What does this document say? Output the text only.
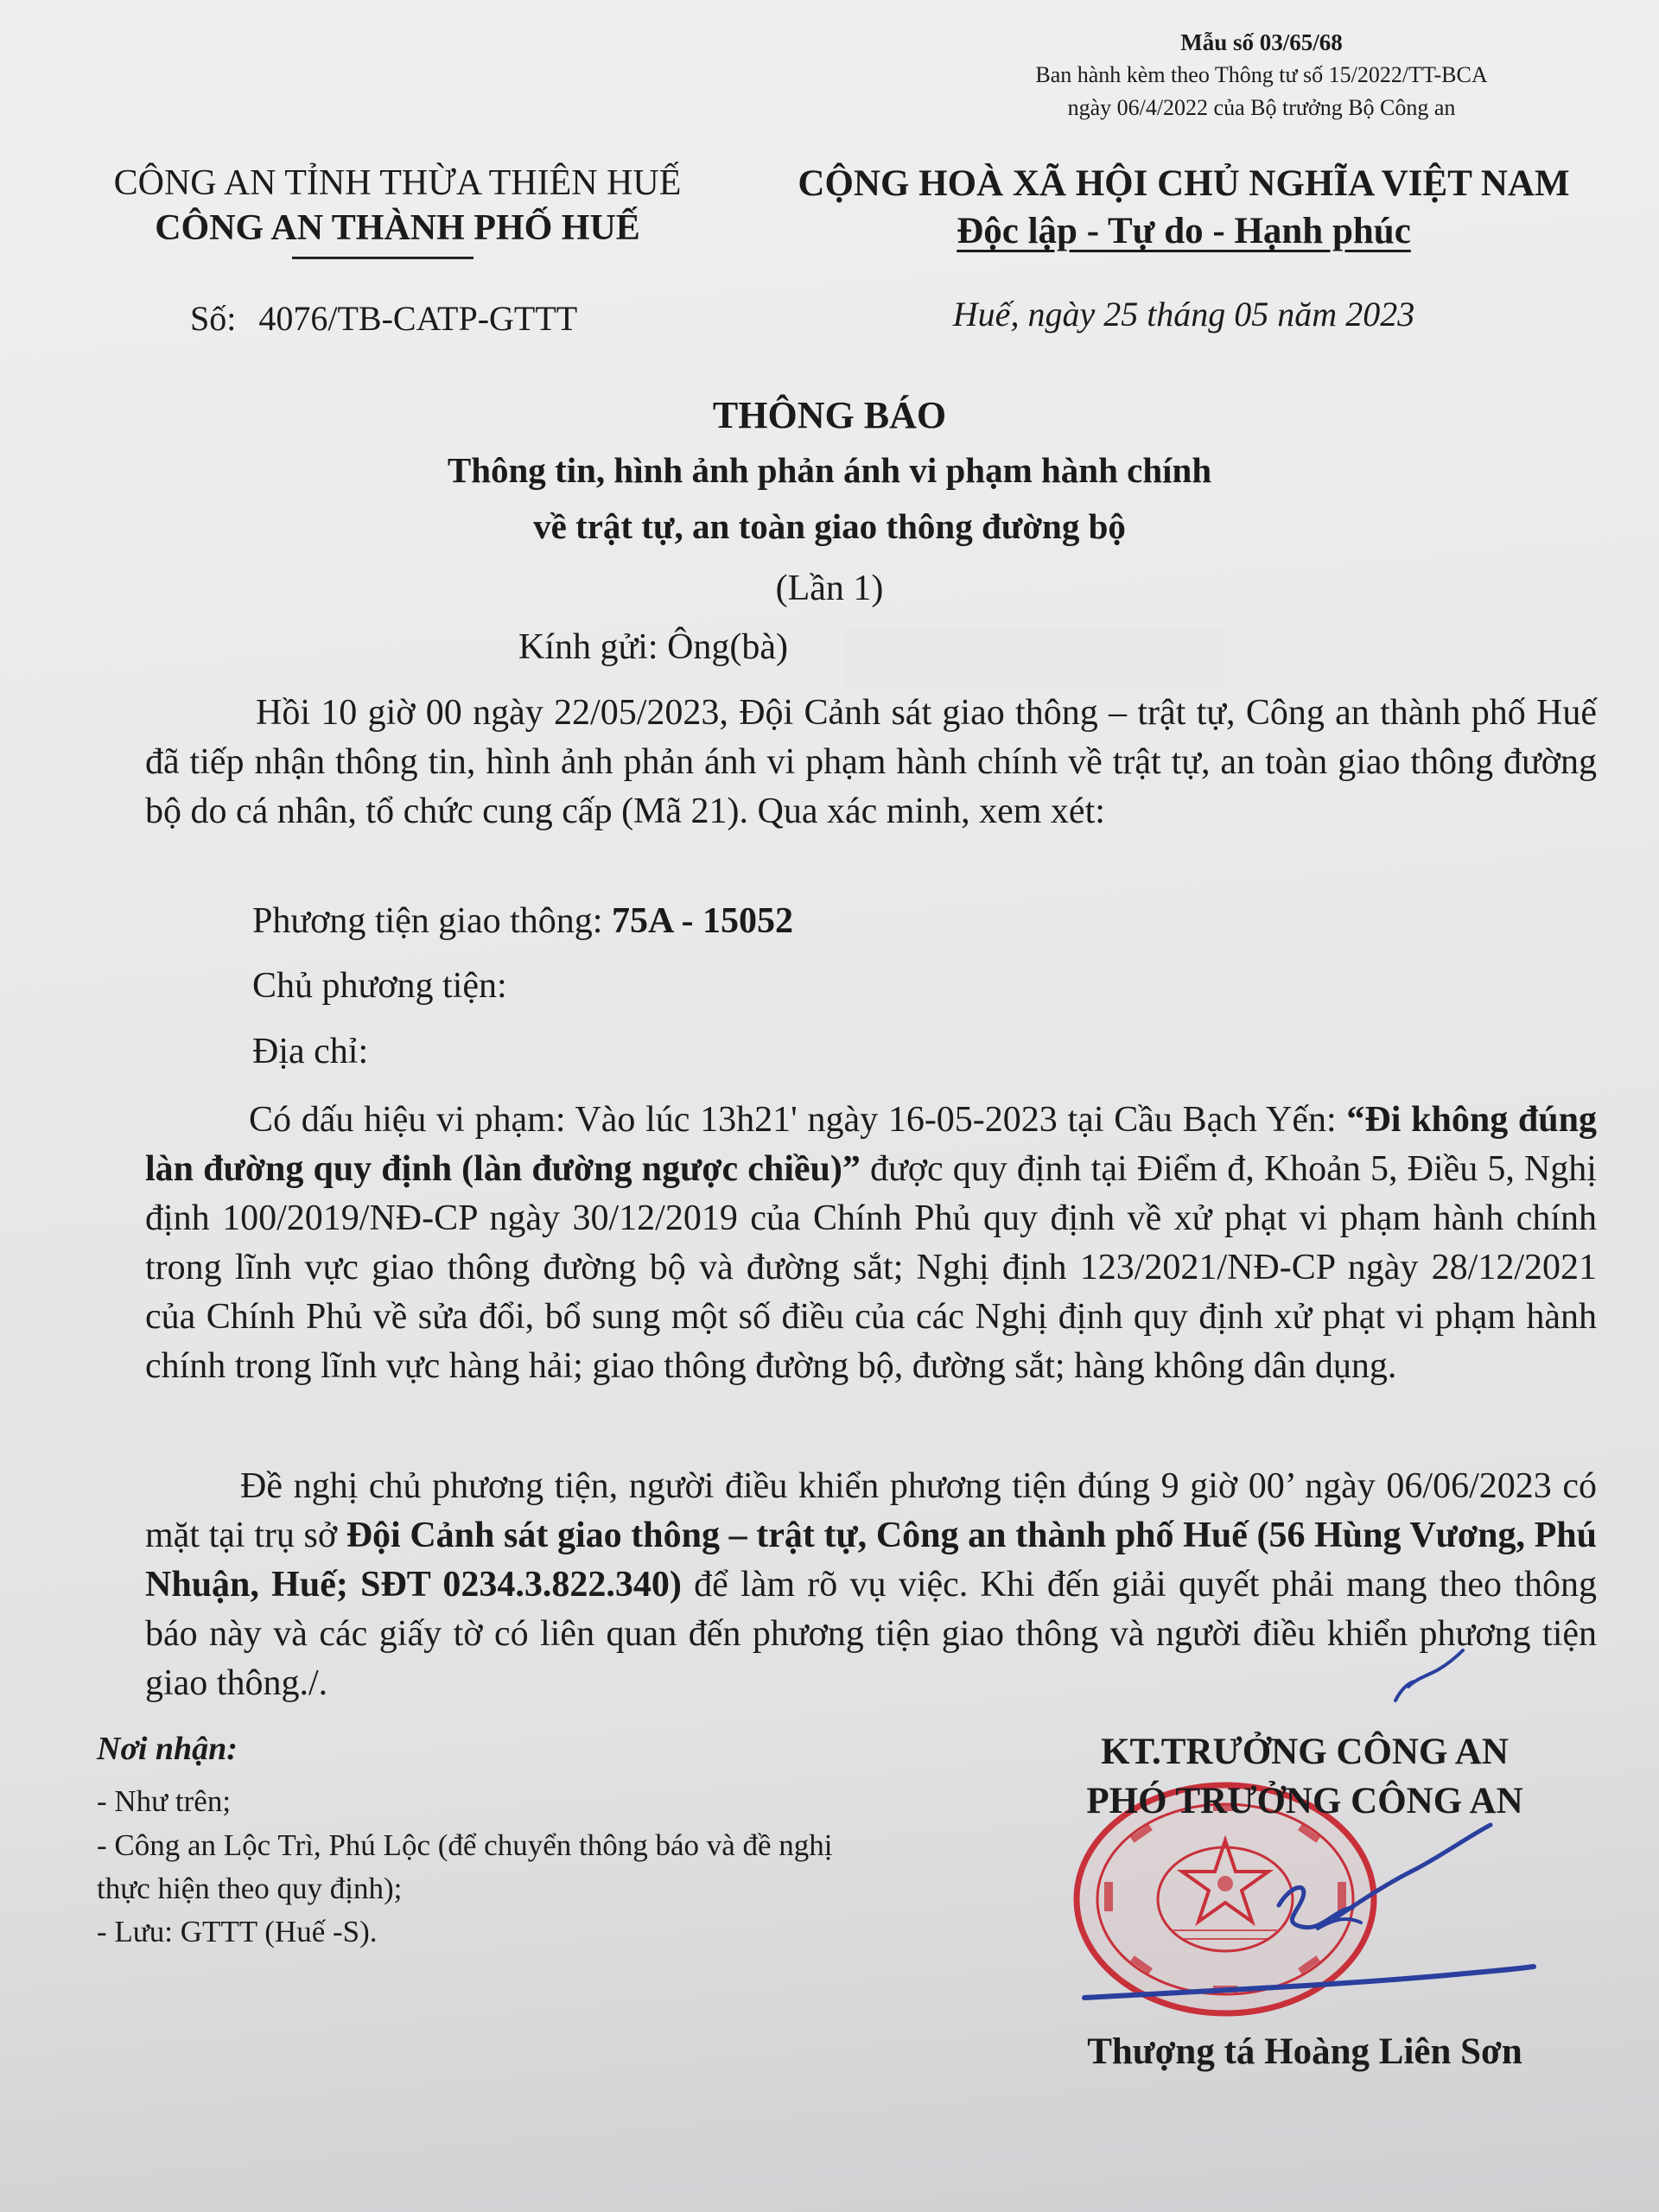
Mẫu số 03/65/68
Ban hành kèm theo Thông tư số 15/2022/TT-BCA
ngày 06/4/2022 của Bộ trưởng Bộ Công an
CÔNG AN TỈNH THỪA THIÊN HUẾ
CÔNG AN THÀNH PHỐ HUẾ
Số: 4076/TB-CATP-GTTT
CỘNG HOÀ XÃ HỘI CHỦ NGHĨA VIỆT NAM
Độc lập - Tự do - Hạnh phúc
Huế, ngày 25 tháng 05 năm 2023
THÔNG BÁO
Thông tin, hình ảnh phản ánh vi phạm hành chính
về trật tự, an toàn giao thông đường bộ
(Lần 1)
Kính gửi: Ông(bà)
Hồi 10 giờ 00 ngày 22/05/2023, Đội Cảnh sát giao thông – trật tự, Công an thành phố Huế đã tiếp nhận thông tin, hình ảnh phản ánh vi phạm hành chính về trật tự, an toàn giao thông đường bộ do cá nhân, tổ chức cung cấp (Mã 21). Qua xác minh, xem xét:
Phương tiện giao thông: 75A - 15052
Chủ phương tiện:
Địa chỉ:
Có dấu hiệu vi phạm: Vào lúc 13h21' ngày 16-05-2023 tại Cầu Bạch Yến: “Đi không đúng làn đường quy định (làn đường ngược chiều)” được quy định tại Điểm đ, Khoản 5, Điều 5, Nghị định 100/2019/NĐ-CP ngày 30/12/2019 của Chính Phủ quy định về xử phạt vi phạm hành chính trong lĩnh vực giao thông đường bộ và đường sắt; Nghị định 123/2021/NĐ-CP ngày 28/12/2021 của Chính Phủ về sửa đổi, bổ sung một số điều của các Nghị định quy định xử phạt vi phạm hành chính trong lĩnh vực hàng hải; giao thông đường bộ, đường sắt; hàng không dân dụng.
Đề nghị chủ phương tiện, người điều khiển phương tiện đúng 9 giờ 00’ ngày 06/06/2023 có mặt tại trụ sở Đội Cảnh sát giao thông – trật tự, Công an thành phố Huế (56 Hùng Vương, Phú Nhuận, Huế; SĐT 0234.3.822.340) để làm rõ vụ việc. Khi đến giải quyết phải mang theo thông báo này và các giấy tờ có liên quan đến phương tiện giao thông và người điều khiển phương tiện giao thông./.
Nơi nhận:
- Như trên;
- Công an Lộc Trì, Phú Lộc (để chuyển thông báo và đề nghị thực hiện theo quy định);
- Lưu: GTTT (Huế -S).
KT.TRƯỞNG CÔNG AN
PHÓ TRƯỞNG CÔNG AN
Thượng tá Hoàng Liên Sơn
